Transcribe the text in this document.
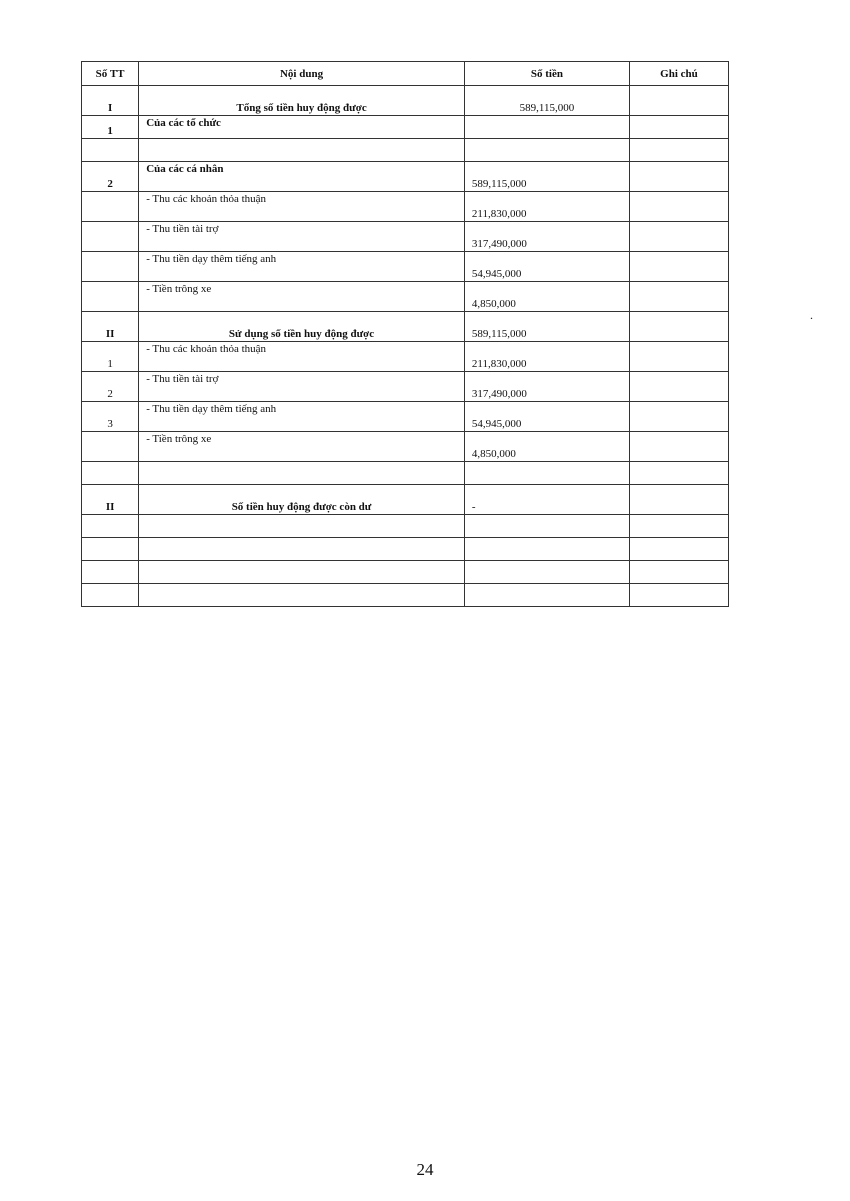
Số TT	Nội dung	Số tiền	Ghi chú
I	Tổng số tiền huy động được	589,115,000	
1	Của các tổ chức		

2	Của các cá nhân	589,115,000	
	- Thu các khoản thỏa thuận	211,830,000	
	- Thu tiền tài trợ	317,490,000	
	- Thu tiền dạy thêm tiếng anh	54,945,000	
	- Tiền trông xe	4,850,000	
II	Sử dụng số tiền huy động được	589,115,000	
1	- Thu các khoản thỏa thuận	211,830,000	
2	- Thu tiền tài trợ	317,490,000	
3	- Thu tiền dạy thêm tiếng anh	54,945,000	
	- Tiền trông xe	4,850,000	

II	Số tiền huy động được còn dư	-	

.
24
